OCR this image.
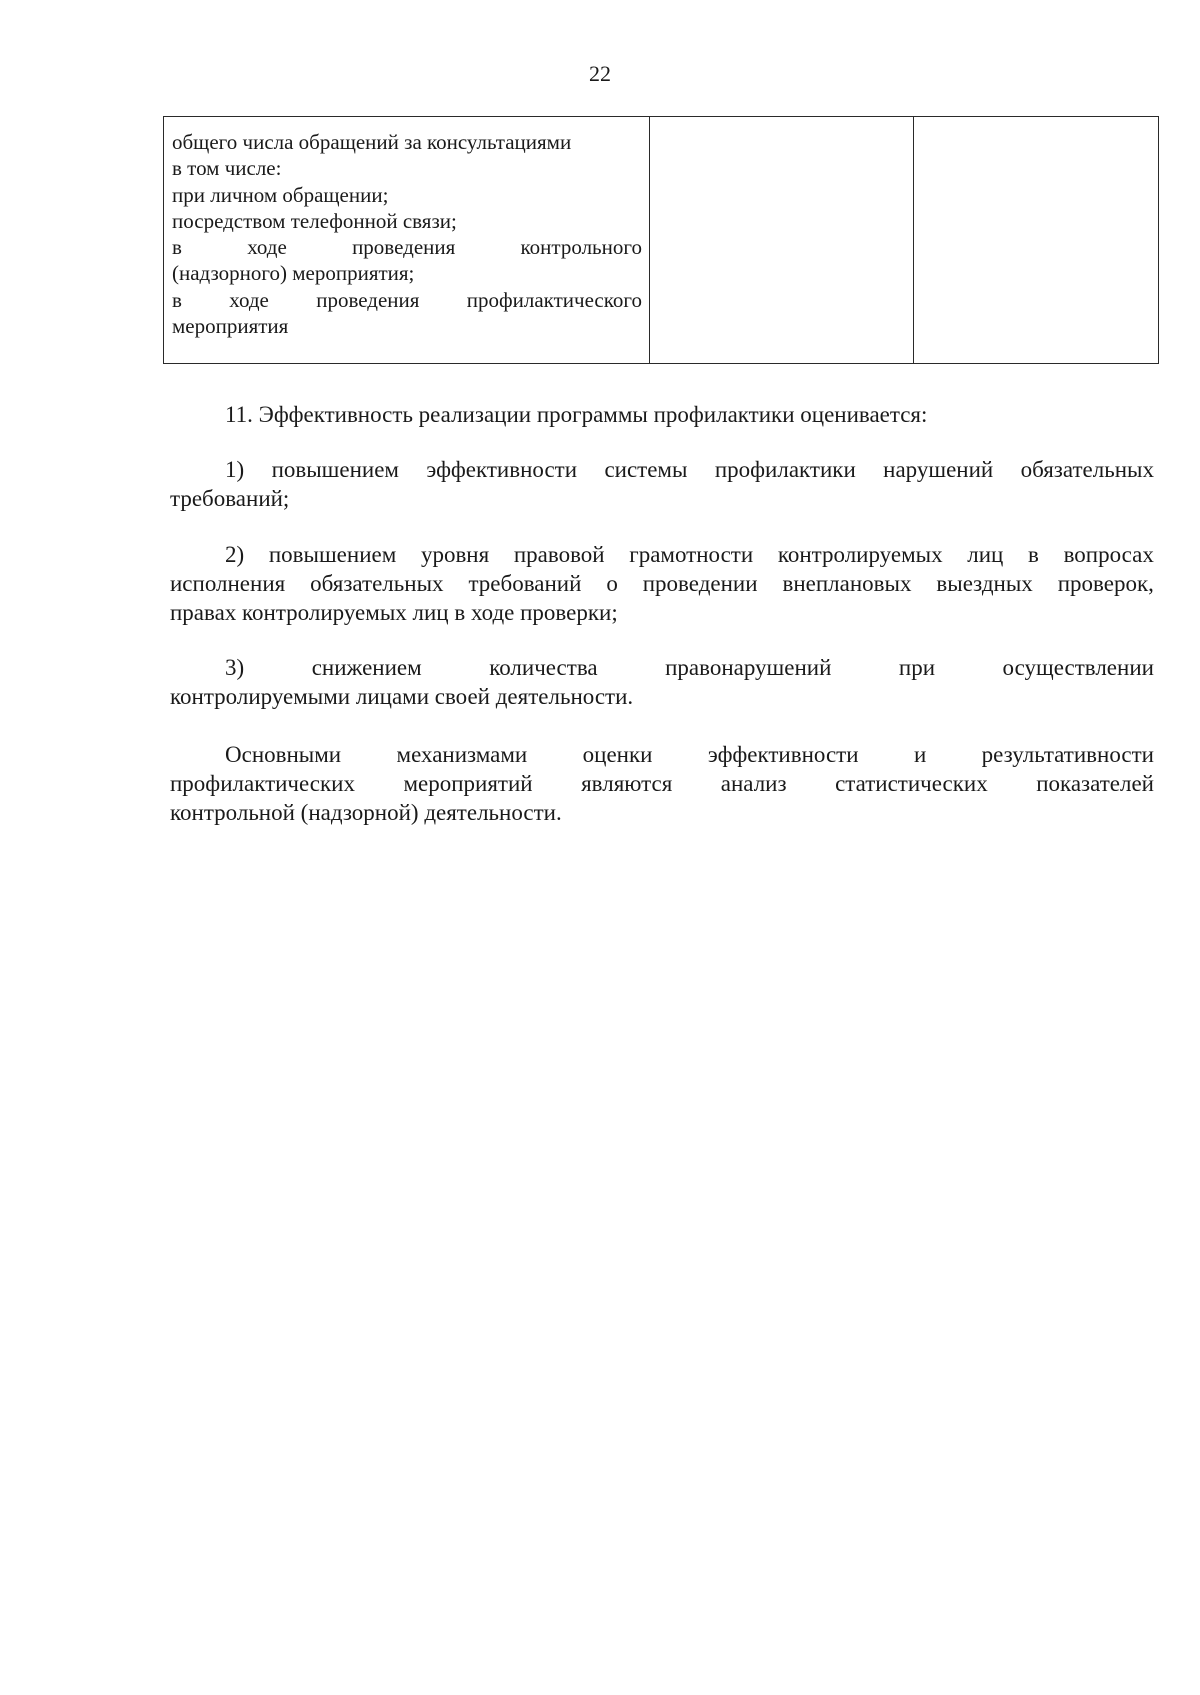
22
общего числа обращений за консультациями
в том числе:
при личном обращении;
посредством телефонной связи;
в	ходе	проведения	контрольного
(надзорного) мероприятия;
в ходе проведения профилактического
мероприятия

11. Эффективность реализации программы профилактики оценивается:
1) повышением эффективности системы профилактики нарушений обязательных
требований;
2) повышением уровня правовой грамотности контролируемых лиц в вопросах
исполнения обязательных требований о проведении внеплановых выездных проверок,
правах контролируемых лиц в ходе проверки;
3)	снижением	количества	правонарушений	при	осуществлении
контролируемыми лицами своей деятельности.
Основными механизмами оценки эффективности и результативности
профилактических мероприятий являются анализ статистических показателей
контрольной (надзорной) деятельности.
